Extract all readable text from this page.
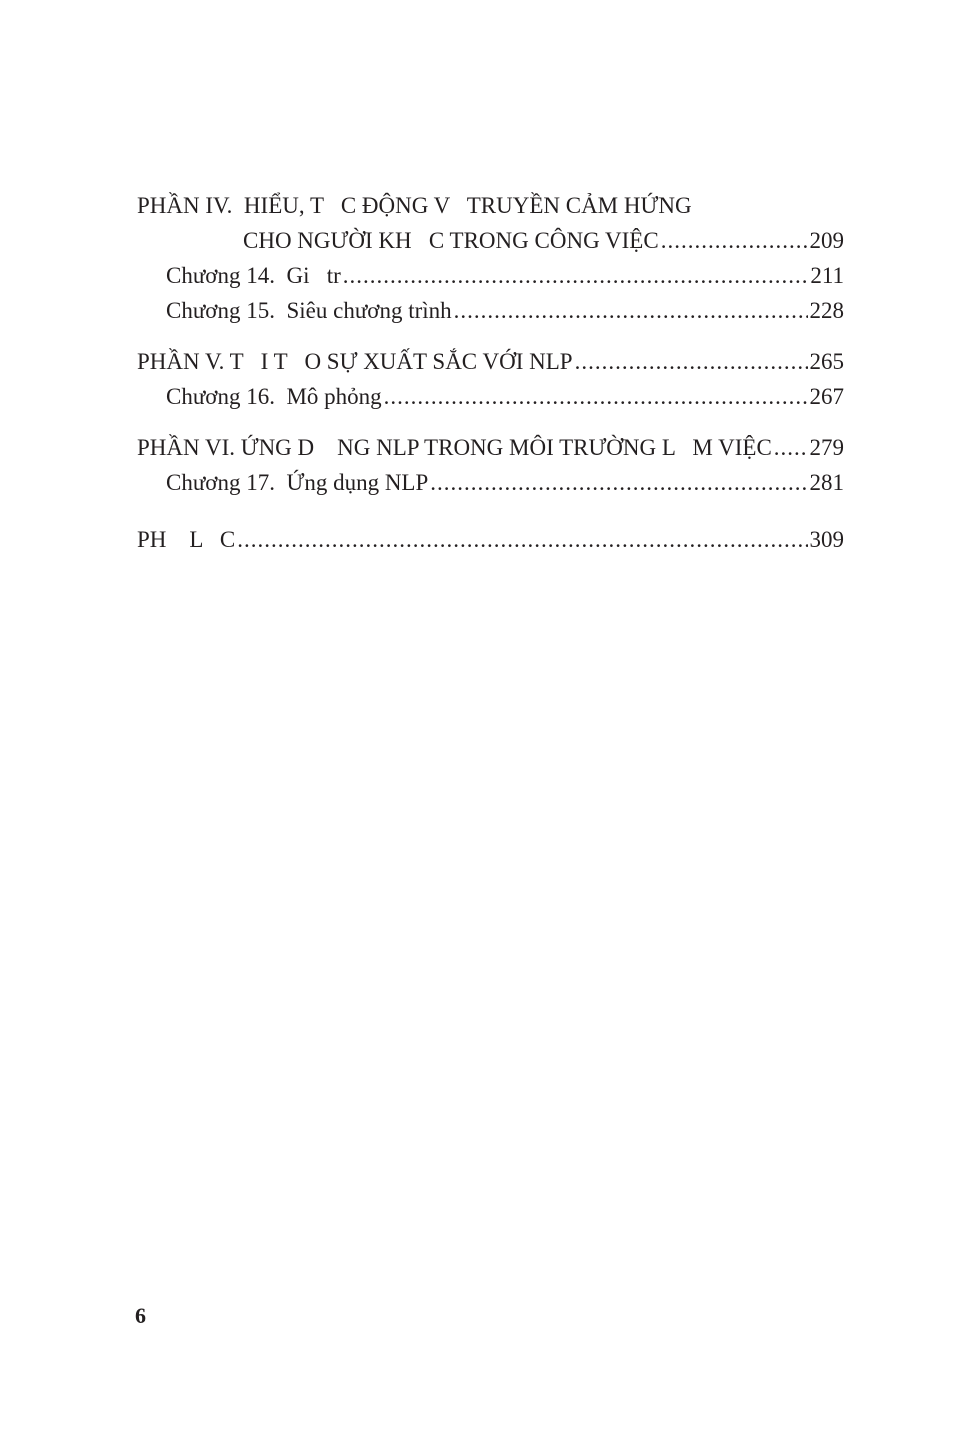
PHẦN IV.  HIỂU, T   C ĐỘNG V   TRUYỀN CẢM HỨNG
CHO NGƯỜI KH   C TRONG CÔNG VIỆC .....	209
Chương 14.  Gi   tr .....	211
Chương 15.  Siêu chương trình .....	228
PHẦN V. T   I T   O SỰ XUẤT SẮC VỚI NLP .....	265
Chương 16.  Mô phỏng .....	267
PHẦN VI. ỨNG D    NG NLP TRONG MÔI TRƯỜNG L   M VIỆC ..... 279
Chương 17.  Ứng dụng NLP .....	281
PH    L   C .....	309
6
